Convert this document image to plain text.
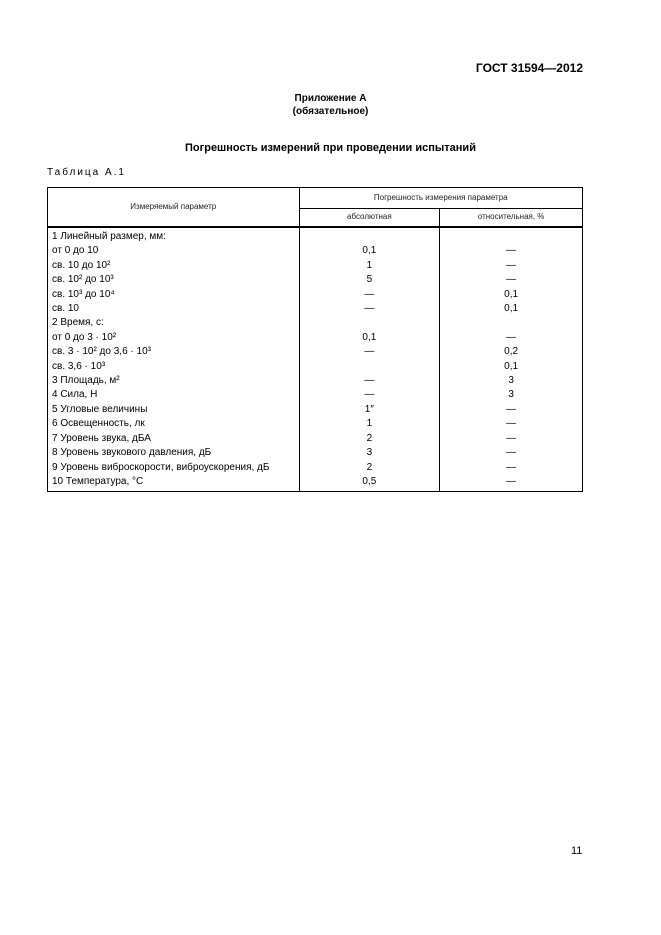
ГОСТ 31594—2012
Приложение А
(обязательное)
Погрешность измерений при проведении испытаний
Таблица А.1
Измеряемый параметр	Погрешность измерения параметра	
	абсолютная	относительная, %
1 Линейный размер, мм:		
от 0 до 10	0,1	—
св. 10 до 10²	1	—
св. 10² до 10³	5	—
св. 10³ до 10⁴	—	0,1
св. 10	—	0,1
2 Время, с:		
от 0 до 3 · 10²	0,1	—
св. 3 · 10² до 3,6 · 10³	—	0,2
св. 3,6 · 10³		0,1
3 Площадь, м²	—	3
4 Сила, Н	—	3
5 Угловые величины	1″	—
6 Освещенность, лк	1	—
7 Уровень звука, дБА	2	—
8 Уровень звукового давления, дБ	3	—
9 Уровень виброскорости, виброускорения, дБ	2	—
10 Температура, °С	0,5	—
11
